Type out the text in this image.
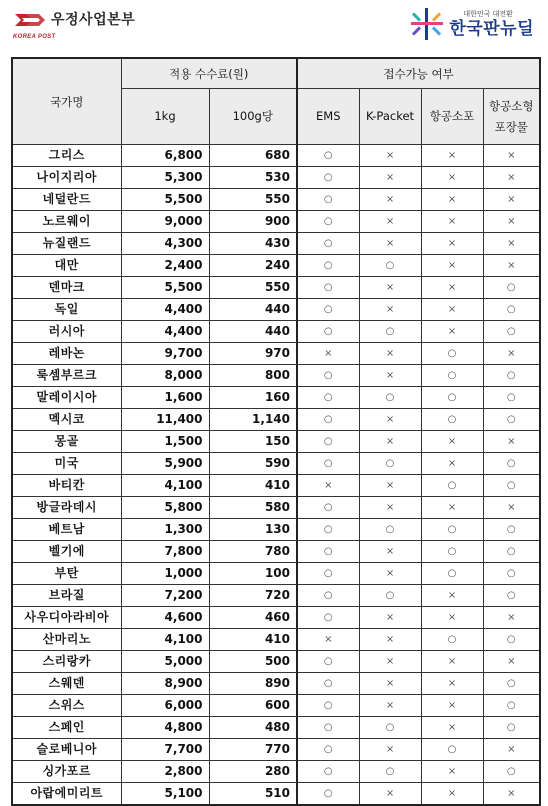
우정사업본부
KOREA POST
대한민국 대전환
한국판뉴딜
국가명	적용 수수료(원)		접수가능 여부			
	1kg	100g당	EMS	K-Packet	항공소포	항공소형
포장물
그리스	6,800	680	○	×	×	×
나이지리아	5,300	530	○	×	×	×
네덜란드	5,500	550	○	×	×	×
노르웨이	9,000	900	○	×	×	×
뉴질랜드	4,300	430	○	×	×	×
대만	2,400	240	○	○	×	×
덴마크	5,500	550	○	×	×	○
독일	4,400	440	○	×	×	○
러시아	4,400	440	○	○	×	○
레바논	9,700	970	×	×	○	×
룩셈부르크	8,000	800	○	×	○	○
말레이시아	1,600	160	○	○	○	○
멕시코	11,400	1,140	○	×	○	○
몽골	1,500	150	○	×	×	×
미국	5,900	590	○	○	×	○
바티칸	4,100	410	×	×	○	○
방글라데시	5,800	580	○	×	×	×
베트남	1,300	130	○	○	○	○
벨기에	7,800	780	○	×	○	○
부탄	1,000	100	○	×	○	○
브라질	7,200	720	○	○	×	○
사우디아라비아	4,600	460	○	×	×	×
산마리노	4,100	410	×	×	○	○
스리랑카	5,000	500	○	×	×	×
스웨덴	8,900	890	○	×	×	○
스위스	6,000	600	○	×	×	○
스페인	4,800	480	○	○	×	○
슬로베니아	7,700	770	○	×	○	×
싱가포르	2,800	280	○	○	×	○
아랍에미리트	5,100	510	○	×	×	×
